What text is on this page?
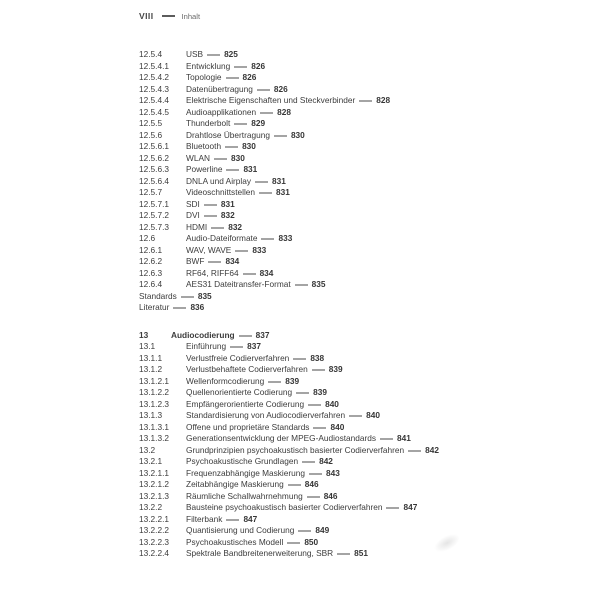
VIII	Inhalt
12.5.4	USB	825
12.5.4.1	Entwicklung	826
12.5.4.2	Topologie	826
12.5.4.3	Datenübertragung	826
12.5.4.4	Elektrische Eigenschaften und Steckverbinder	828
12.5.4.5	Audioapplikationen	828
12.5.5	Thunderbolt	829
12.5.6	Drahtlose Übertragung	830
12.5.6.1	Bluetooth	830
12.5.6.2	WLAN	830
12.5.6.3	Powerline	831
12.5.6.4	DNLA und Airplay	831
12.5.7	Videoschnittstellen	831
12.5.7.1	SDI	831
12.5.7.2	DVI	832
12.5.7.3	HDMI	832
12.6	Audio-Dateiformate	833
12.6.1	WAV, WAVE	833
12.6.2	BWF	834
12.6.3	RF64, RIFF64	834
12.6.4	AES31 Dateitransfer-Format	835
Standards	835
Literatur	836
13	Audiocodierung	837
13.1	Einführung	837
13.1.1	Verlustfreie Codierverfahren	838
13.1.2	Verlustbehaftete Codierverfahren	839
13.1.2.1	Wellenformcodierung	839
13.1.2.2	Quellenorientierte Codierung	839
13.1.2.3	Empfängerorientierte Codierung	840
13.1.3	Standardisierung von Audiocodierverfahren	840
13.1.3.1	Offene und proprietäre Standards	840
13.1.3.2	Generationsentwicklung der MPEG-Audiostandards	841
13.2	Grundprinzipien psychoakustisch basierter Codierverfahren	842
13.2.1	Psychoakustische Grundlagen	842
13.2.1.1	Frequenzabhängige Maskierung	843
13.2.1.2	Zeitabhängige Maskierung	846
13.2.1.3	Räumliche Schallwahrnehmung	846
13.2.2	Bausteine psychoakustisch basierter Codierverfahren	847
13.2.2.1	Filterbank	847
13.2.2.2	Quantisierung und Codierung	849
13.2.2.3	Psychoakustisches Modell	850
13.2.2.4	Spektrale Bandbreitenerweiterung, SBR	851
